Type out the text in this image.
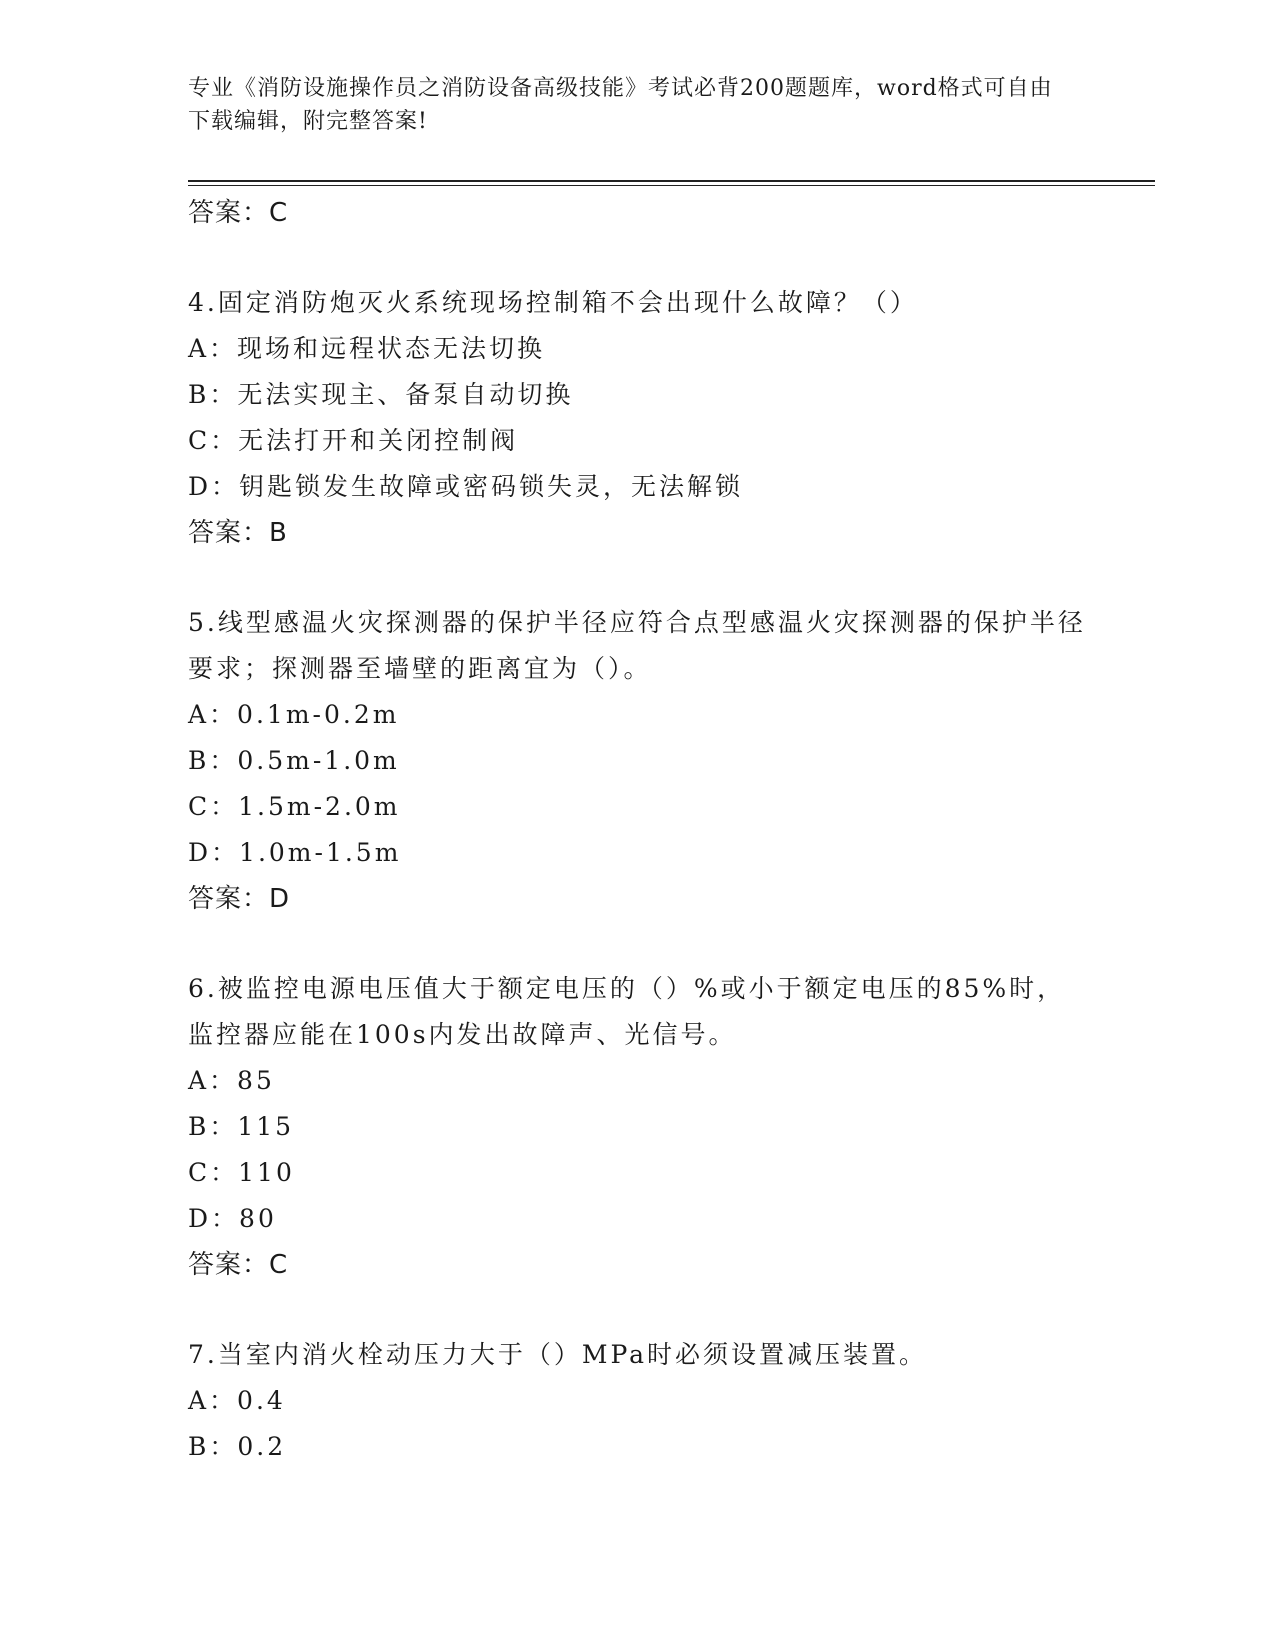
专业《消防设施操作员之消防设备高级技能》考试必背200题题库，word格式可自由下载编辑，附完整答案!
答案：C
4.固定消防炮灭火系统现场控制箱不会出现什么故障？（）
A：现场和远程状态无法切换
B：无法实现主、备泵自动切换
C：无法打开和关闭控制阀
D：钥匙锁发生故障或密码锁失灵，无法解锁
答案：B
5.线型感温火灾探测器的保护半径应符合点型感温火灾探测器的保护半径要求；探测器至墙壁的距离宜为（）。
A：0.1m-0.2m
B：0.5m-1.0m
C：1.5m-2.0m
D：1.0m-1.5m
答案：D
6.被监控电源电压值大于额定电压的（）%或小于额定电压的85%时，监控器应能在100s内发出故障声、光信号。
A：85
B：115
C：110
D：80
答案：C
7.当室内消火栓动压力大于（）MPa时必须设置减压装置。
A：0.4
B：0.2
